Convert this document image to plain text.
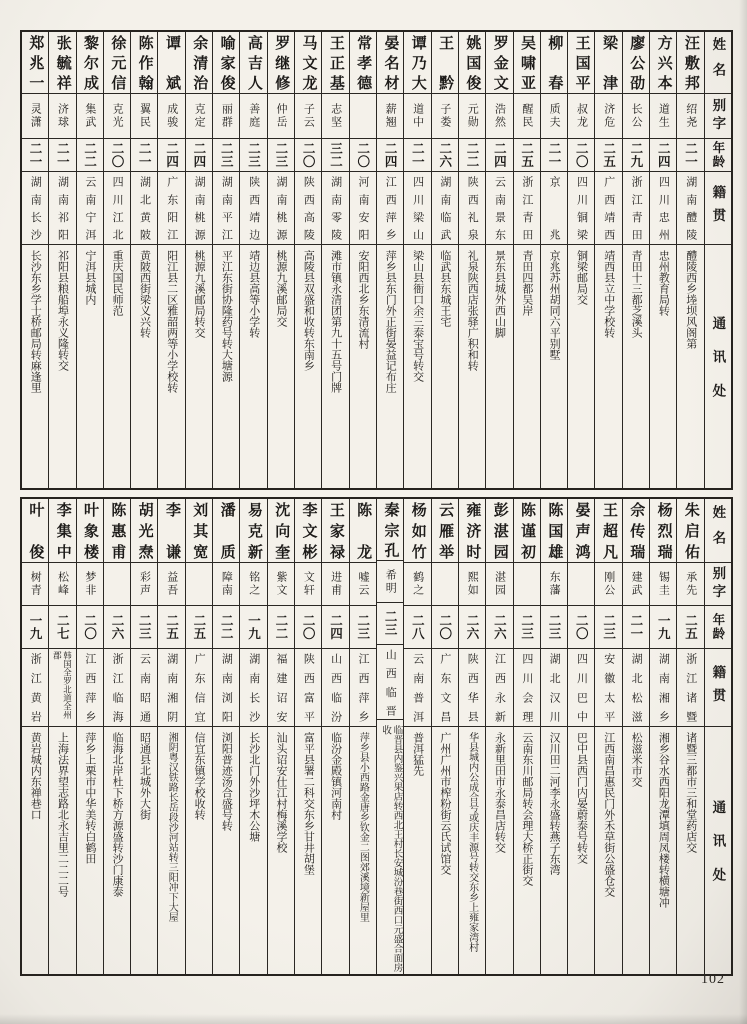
姓名
别字
年龄
籍贯
通讯处
汪敷邦
绍尧
二一
湖南醴陵
醴陵西乡堘坝风阁第
方兴本
道生
二四
四川忠州
忠州教育局转
廖公劭
长公
二九
浙江青田
青田十三都芝溪头
梁津
济危
二五
广西靖西
靖西县立中学校转
王国平
叔龙
二〇
四川铜梁
铜梁邮局交
柳春
质夫
二一
京兆
京兆苏州胡同六平别墅
吴啸亚
醒民
二五
浙江青田
青田四都吴岸
罗金文
浩然
二四
云南景东
景东县城外西山脚
姚国俊
元勋
二二
陕西礼泉
礼泉陕西店张驿广积和转
王黔
子娄
二六
湖南临武
临武县东城王宅
谭乃大
道中
二一
四川梁山
梁山县衙口余三泰宝号转交
晏名材
薪翘
二四
江西萍乡
萍乡县东门外正街晏益记布庄
常孝德
二〇
河南安阳
安阳西北乡东清流村
王正基
志坚
三二
湖南零陵
滩市镇永清团第九十五号门牌
马文龙
子云
二〇
陕西高陵
高陵县双盛和收转东南乡
罗继修
仲岳
二三
湖南桃源
桃源九溪邮局交
高吉人
善庭
二三
陕西靖边
靖边县高等小学转
喻家俊
丽群
二三
湖南平江
平江东街协隆药号转大塘源
余清治
克定
二四
湖南桃源
桃源九溪邮局转交
谭斌
成骏
二四
广东阳江
阳江县二区雅韶两等小学校转
陈作翰
翼民
二一
湖北黄陂
黄陂西街梁义兴转
徐元信
克光
二〇
四川江北
重庆国民师范
黎尔成
集武
二二
云南宁洱
宁洱县城内
张毓祥
济球
二一
湖南祁阳
祁阳县粮船埠永义隆转交
郑兆一
灵潇
二一
湖南长沙
长沙东乡学士桥邮局转麻逢里
姓名
别字
年龄
籍贯
通讯处
朱启佑
承先
二五
浙江诸暨
诸暨三都市三和堂药店交
杨烈瑞
锡圭
一九
湖南湘乡
湘乡谷水西阳龙潭填周凤楼转横塘冲
佘传瑞
建武
二一
湖北松滋
松滋米市交
王超凡
刚公
二三
安徽太平
江西南昌惠民门外禾草街公盛仓交
晏声鸿
二〇
四川巴中
巴中县西门内晏蔚泰号转交
陈国雄
东藩
二三
湖北汉川
汉川田二河李永盛转燕子东湾
陈谨初
二三
四川会理
云南东川邮局转会理大桥正街交
彭湛园
湛园
二六
江西永新
永新里田市永泰昌店转交
雍济时
熙如
二六
陕西华县
华县城内公成合号或庆丰源号转交东乡上雍家湾村
云雁举
二〇
广东文昌
广州广州市榨粉街云氏试馆交
杨如竹
鹤之
二八
云南普洱
普洱猛先
秦宗孔
希明
二三
山西临晋
临晋县内鉴兴果店转西北王村长安城汾巷街西口元盛合面房收
陈龙
嘘云
二三
江西萍乡
萍乡县小西路金唐乡钦金二图郊溪境新屋里
王家禄
进甫
二四
山西临汾
临汾金殿镇河南村
李文彬
文轩
二〇
陕西富平
富平县署二科交东乡甘井胡堡
沈向奎
紫文
二二
福建诏安
汕头诏安仕江村梅溪学校
易克新
铭之
一九
湖南长沙
长沙北门外沙坪木公塘
潘质
障南
二二
湖南浏阳
浏阳普迹汤合盛号转
刘其宽
二五
广东信宜
信宜东镇学校收转
李谦
益吾
二五
湖南湘阴
湘阴粤汉铁路长岳段沙河站转三阳冲下大屋
胡光焘
彩声
二三
云南昭通
昭通县北城外大街
陈惠甫
二六
浙江临海
临海北岸杜下桥方源盛转沙门康泰
叶象楼
梦非
二〇
江西萍乡
萍乡上栗市中华美转白鹤田
李集中
松峰
二七
韩国全罗北道全州郡
上海法界望志路北永吉里二二二号
叶俊
树青
一九
浙江黄岩
黄岩城内东禅巷口
102
